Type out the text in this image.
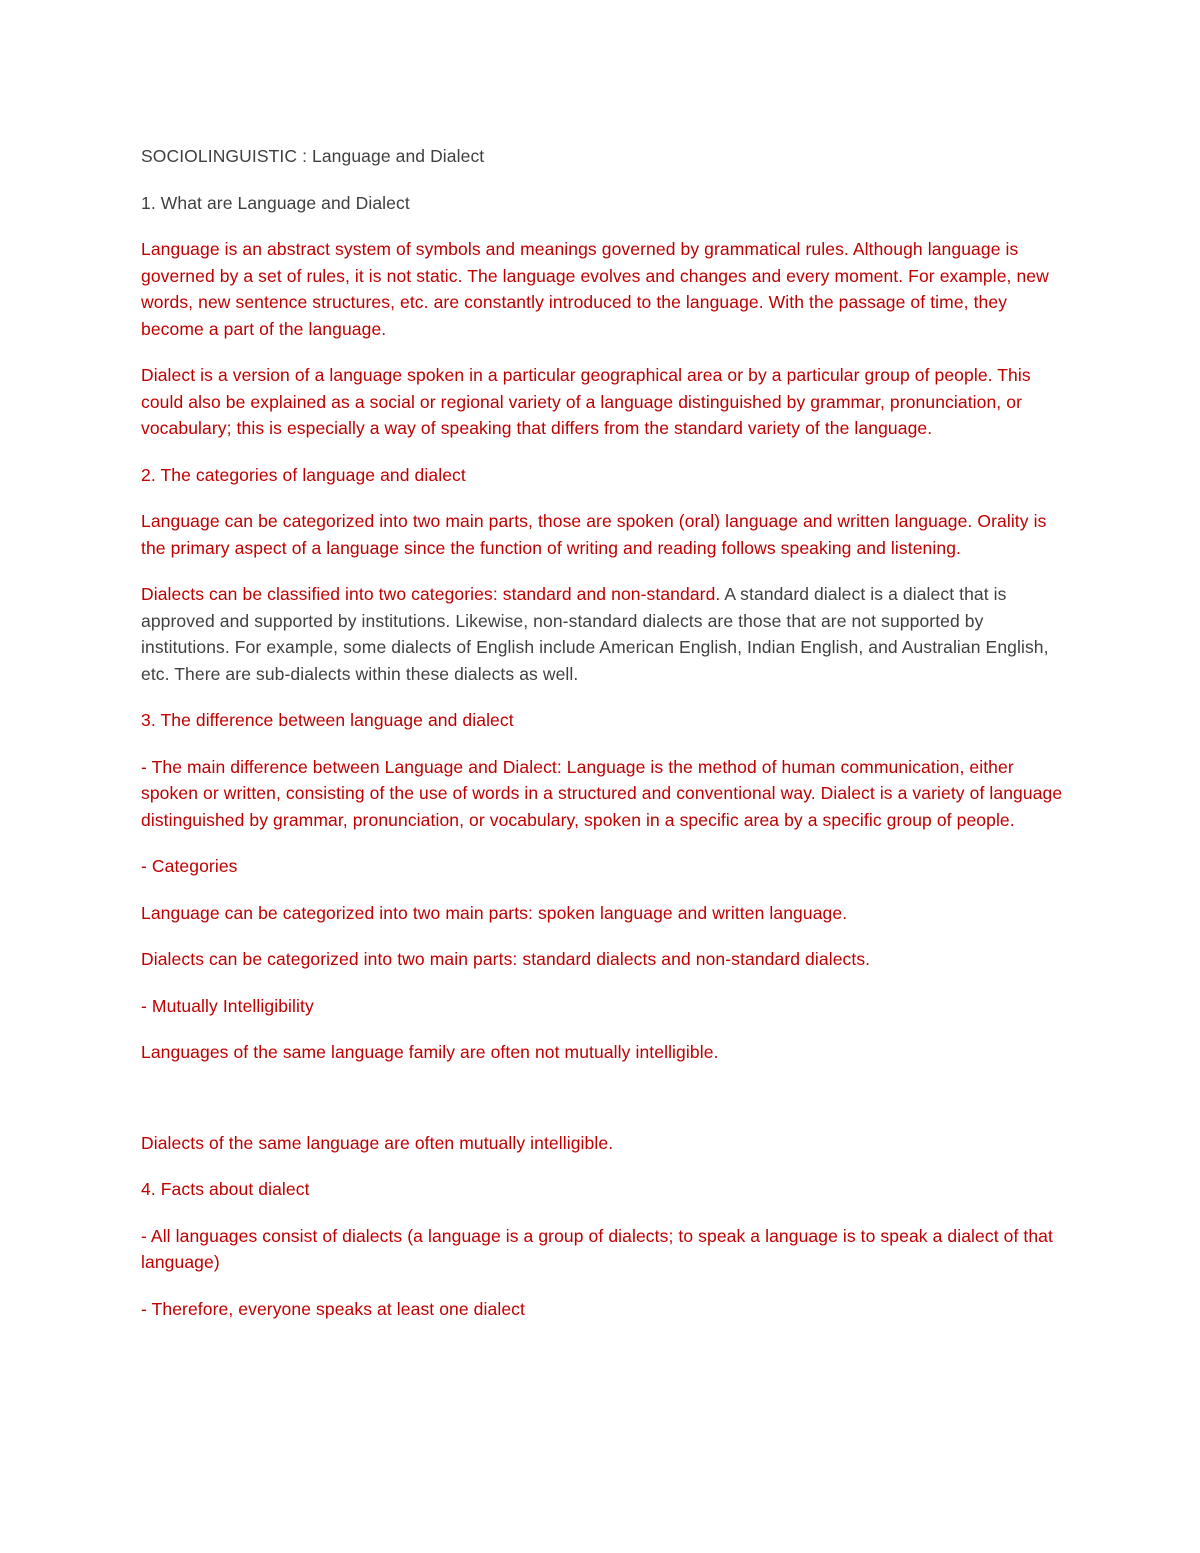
SOCIOLINGUISTIC : Language and Dialect

1. What are Language and Dialect

Language is an abstract system of symbols and meanings governed by grammatical rules. Although language is governed by a set of rules, it is not static. The language evolves and changes and every moment. For example, new words, new sentence structures, etc. are constantly introduced to the language. With the passage of time, they become a part of the language.

Dialect is a version of a language spoken in a particular geographical area or by a particular group of people. This could also be explained as a social or regional variety of a language distinguished by grammar, pronunciation, or vocabulary; this is especially a way of speaking that differs from the standard variety of the language.

2. The categories of language and dialect

Language can be categorized into two main parts, those are spoken (oral) language and written language. Orality is the primary aspect of a language since the function of writing and reading follows speaking and listening.

Dialects can be classified into two categories: standard and non-standard. A standard dialect is a dialect that is approved and supported by institutions. Likewise, non-standard dialects are those that are not supported by institutions. For example, some dialects of English include American English, Indian English, and Australian English, etc. There are sub-dialects within these dialects as well.

3. The difference between language and dialect

- The main difference between Language and Dialect: Language is the method of human communication, either spoken or written, consisting of the use of words in a structured and conventional way. Dialect is a variety of language distinguished by grammar, pronunciation, or vocabulary, spoken in a specific area by a specific group of people.

- Categories

Language can be categorized into two main parts: spoken language and written language.

Dialects can be categorized into two main parts: standard dialects and non-standard dialects.

- Mutually Intelligibility

Languages of the same language family are often not mutually intelligible.

Dialects of the same language are often mutually intelligible.

4. Facts about dialect

- All languages consist of dialects (a language is a group of dialects; to speak a language is to speak a dialect of that language)

- Therefore, everyone speaks at least one dialect
